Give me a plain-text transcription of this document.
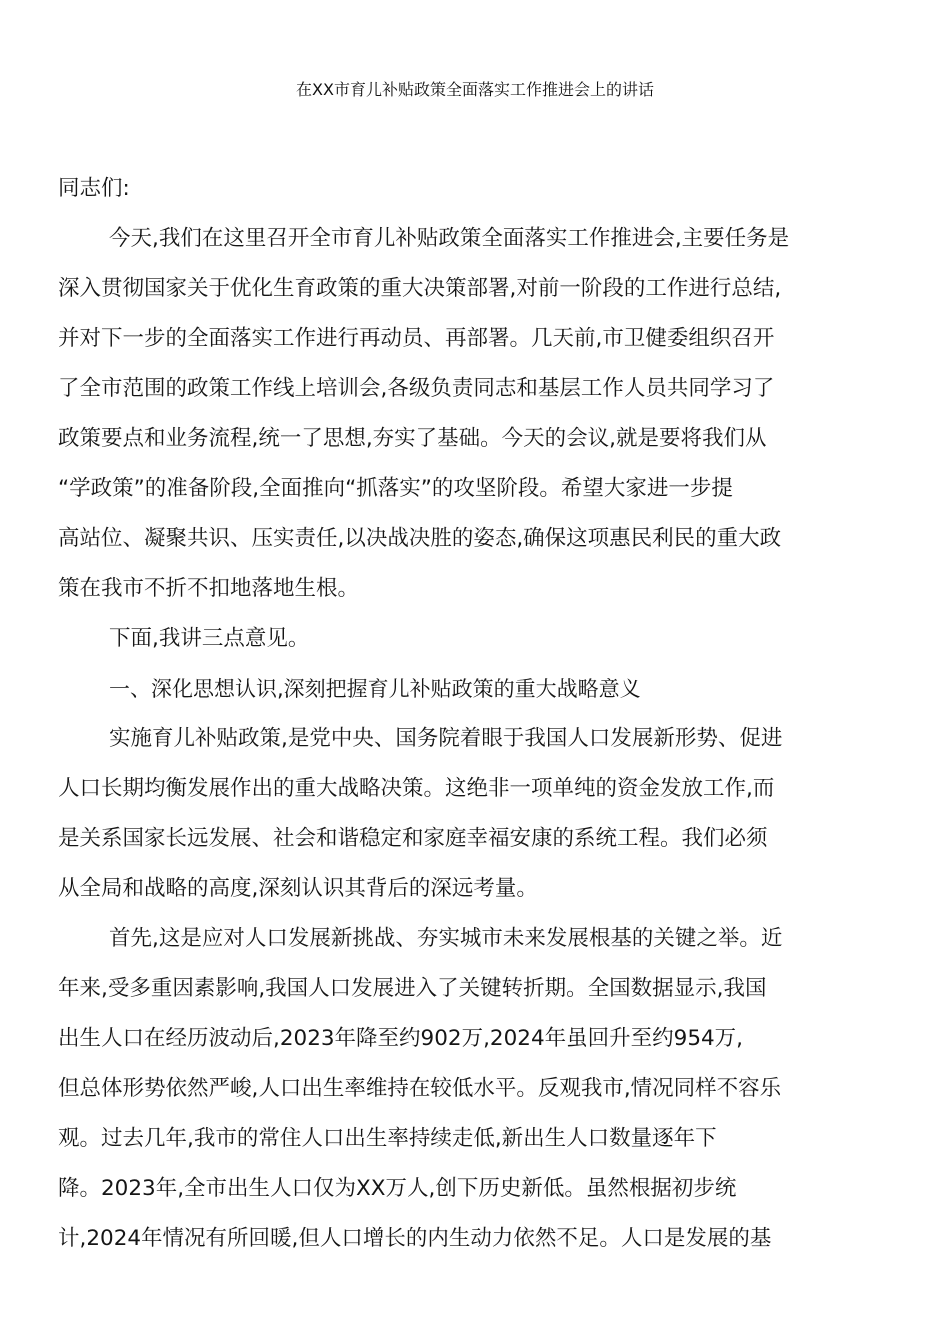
在XX市育儿补贴政策全面落实工作推进会上的讲话
同志们:
今天,我们在这里召开全市育儿补贴政策全面落实工作推进会,主要任务是
深入贯彻国家关于优化生育政策的重大决策部署,对前一阶段的工作进行总结,
并对下一步的全面落实工作进行再动员、再部署。几天前,市卫健委组织召开
了全市范围的政策工作线上培训会,各级负责同志和基层工作人员共同学习了
政策要点和业务流程,统一了思想,夯实了基础。今天的会议,就是要将我们从
“学政策”的准备阶段,全面推向“抓落实”的攻坚阶段。希望大家进一步提
高站位、凝聚共识、压实责任,以决战决胜的姿态,确保这项惠民利民的重大政
策在我市不折不扣地落地生根。
下面,我讲三点意见。
一、深化思想认识,深刻把握育儿补贴政策的重大战略意义
实施育儿补贴政策,是党中央、国务院着眼于我国人口发展新形势、促进
人口长期均衡发展作出的重大战略决策。这绝非一项单纯的资金发放工作,而
是关系国家长远发展、社会和谐稳定和家庭幸福安康的系统工程。我们必须
从全局和战略的高度,深刻认识其背后的深远考量。
首先,这是应对人口发展新挑战、夯实城市未来发展根基的关键之举。近
年来,受多重因素影响,我国人口发展进入了关键转折期。全国数据显示,我国
出生人口在经历波动后,2023年降至约902万,2024年虽回升至约954万,
但总体形势依然严峻,人口出生率维持在较低水平。反观我市,情况同样不容乐
观。过去几年,我市的常住人口出生率持续走低,新出生人口数量逐年下
降。2023年,全市出生人口仅为XX万人,创下历史新低。虽然根据初步统
计,2024年情况有所回暖,但人口增长的内生动力依然不足。人口是发展的基
